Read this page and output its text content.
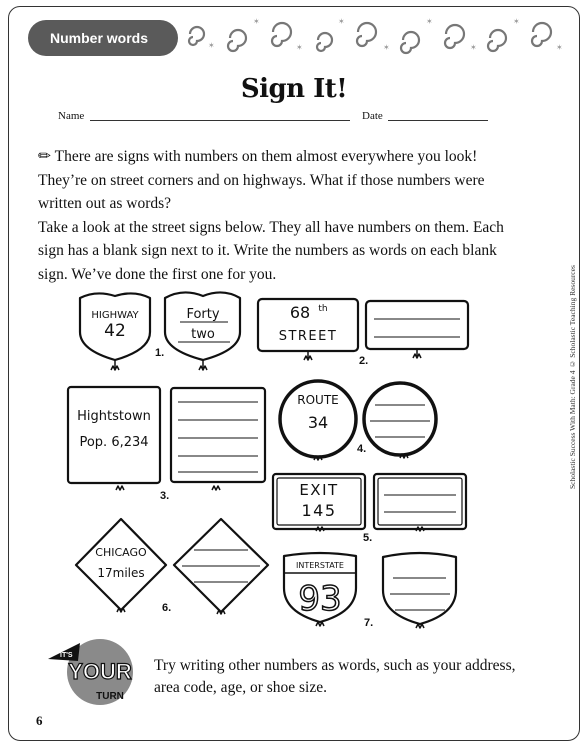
Number words	✶
✶
✶
✶
✶
✶
✶
✶
✶
Sign It!
Name	Date

✏ There are signs with numbers on them almost everywhere you look! They’re on street corners and on highways. What if those numbers were written out as words?

Take a look at the street signs below. They all have numbers on them. Each sign has a blank sign next to it. Write the numbers as words on each blank sign. We’ve done the first one for you.

HIGHWAY
42
Forty
two
68 th
STREET
Hightstown
Pop. 6,234
ROUTE
34
EXIT
145
CHICAGO
17miles
INTERSTATE
93
1.
2.
3.
4.
5.
6.
7.
IT'S
YOUR
TURN
Try writing other numbers as words, such as your address, area code, age, or shoe size.
Scholastic Success With Math: Grade 4 © Scholastic Teaching Resources
6
